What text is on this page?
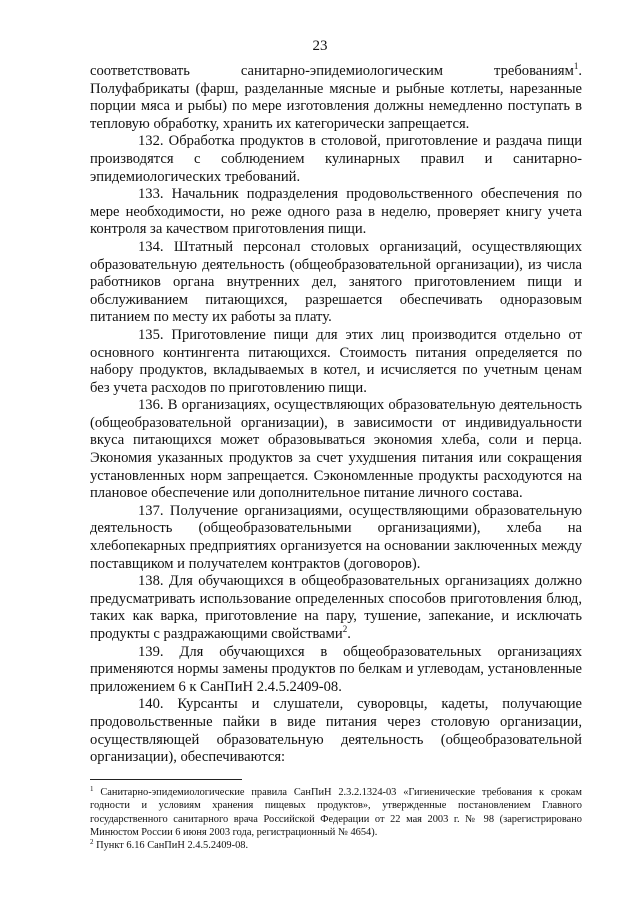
23

соответствовать санитарно-эпидемиологическим требованиям$^1$. Полуфабрикаты (фарш, разделанные мясные и рыбные котлеты, нарезанные порции мяса и рыбы) по мере изготовления должны немедленно поступать в тепловую обработку, хранить их категорически запрещается.

132. Обработка продуктов в столовой, приготовление и раздача пищи производятся с соблюдением кулинарных правил и санитарно-эпидемиологических требований.

133. Начальник подразделения продовольственного обеспечения по мере необходимости, но реже одного раза в неделю, проверяет книгу учета контроля за качеством приготовления пищи.

134. Штатный персонал столовых организаций, осуществляющих образовательную деятельность (общеобразовательной организации), из числа работников органа внутренних дел, занятого приготовлением пищи и обслуживанием питающихся, разрешается обеспечивать одноразовым питанием по месту их работы за плату.

135. Приготовление пищи для этих лиц производится отдельно от основного контингента питающихся. Стоимость питания определяется по набору продуктов, вкладываемых в котел, и исчисляется по учетным ценам без учета расходов по приготовлению пищи.

136. В организациях, осуществляющих образовательную деятельность (общеобразовательной организации), в зависимости от индивидуальности вкуса питающихся может образовываться экономия хлеба, соли и перца. Экономия указанных продуктов за счет ухудшения питания или сокращения установленных норм запрещается. Сэкономленные продукты расходуются на плановое обеспечение или дополнительное питание личного состава.

137. Получение организациями, осуществляющими образовательную деятельность (общеобразовательными организациями), хлеба на хлебопекарных предприятиях организуется на основании заключенных между поставщиком и получателем контрактов (договоров).

138. Для обучающихся в общеобразовательных организациях должно предусматривать использование определенных способов приготовления блюд, таких как варка, приготовление на пару, тушение, запекание, и исключать продукты с раздражающими свойствами$^2$.

139. Для обучающихся в общеобразовательных организациях применяются нормы замены продуктов по белкам и углеводам, установленные приложением 6 к СанПиН 2.4.5.2409-08.

140. Курсанты и слушатели, суворовцы, кадеты, получающие продовольственные пайки в виде питания через столовую организации, осуществляющей образовательную деятельность (общеобразовательной организации), обеспечиваются:

$^1$ Санитарно-эпидемиологические правила СанПиН 2.3.2.1324-03 «Гигиенические требования к срокам годности и условиям хранения пищевых продуктов», утвержденные постановлением Главного государственного санитарного врача Российской Федерации от 22 мая 2003 г. № 98 (зарегистрировано Минюстом России 6 июня 2003 года, регистрационный № 4654).

$^2$ Пункт 6.16 СанПиН 2.4.5.2409-08.
